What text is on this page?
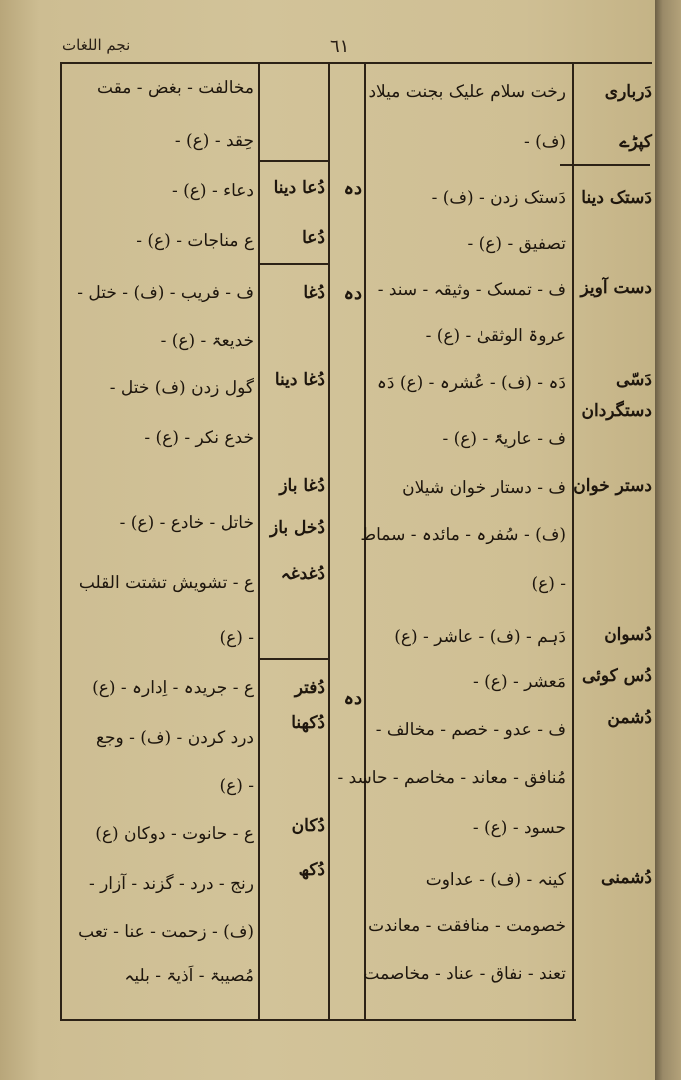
نجم اللغات	٦١
دَرباری
کپڑے
دَستک دینا
دست آویز
دَسّی
دستگردان
دستر خوان
دُسوان
دُس کوئی
دُشمن
دُشمنی
رخت سلام علیک بجنت میلاد
(ف) -
دَستک زدن - (ف) -
تصفیق - (ع) -
ف - تمسک - وثیقہ - سند -
عروۃ الوثقیٰ - (ع) -
دَہ - (ف) - عُشرہ - (ع) دَہ
ف - عاریۃً - (ع) -
ف - دستار خوان شیلان
(ف) - سُفرہ - مائدہ - سماط
- (ع)
دَہم - (ف) - عاشر - (ع)
مَعشر - (ع) -
ف - عدو - خصم - مخالف -
مُنافق - معاند - مخاصم - حاسد -
حسود - (ع) -
کینہ - (ف) - عداوت
خصومت - منافقت - معاندت
تعند - نفاق - عناد - مخاصمت
دہ
دہ
دہ
دُعا دینا
دُعا
دُغا
دُغا دینا
دُغا باز
دُخل باز
دُغدغہ
دُفتر
دُکھنا
دُکان
دُکھ
مخالفت - بغض - مقت
حِقد - (ع) -
دعاء - (ع) -
ع مناجات - (ع) -
ف - فریب - (ف) - ختل -
خدیعۃ - (ع) -
گول زدن (ف) ختل -
خدع نکر - (ع) -
خاتل - خادع - (ع) -
ع - تشویش تشتت القلب
- (ع)
ع - جریدہ - اِدارہ - (ع)
درد کردن - (ف) - وجع
- (ع)
ع - حانوت - دوکان (ع)
رنج - درد - گزند - آزار -
(ف) - زحمت - عنا - تعب
مُصیبۃ - اَذیۃ - بلیہ
